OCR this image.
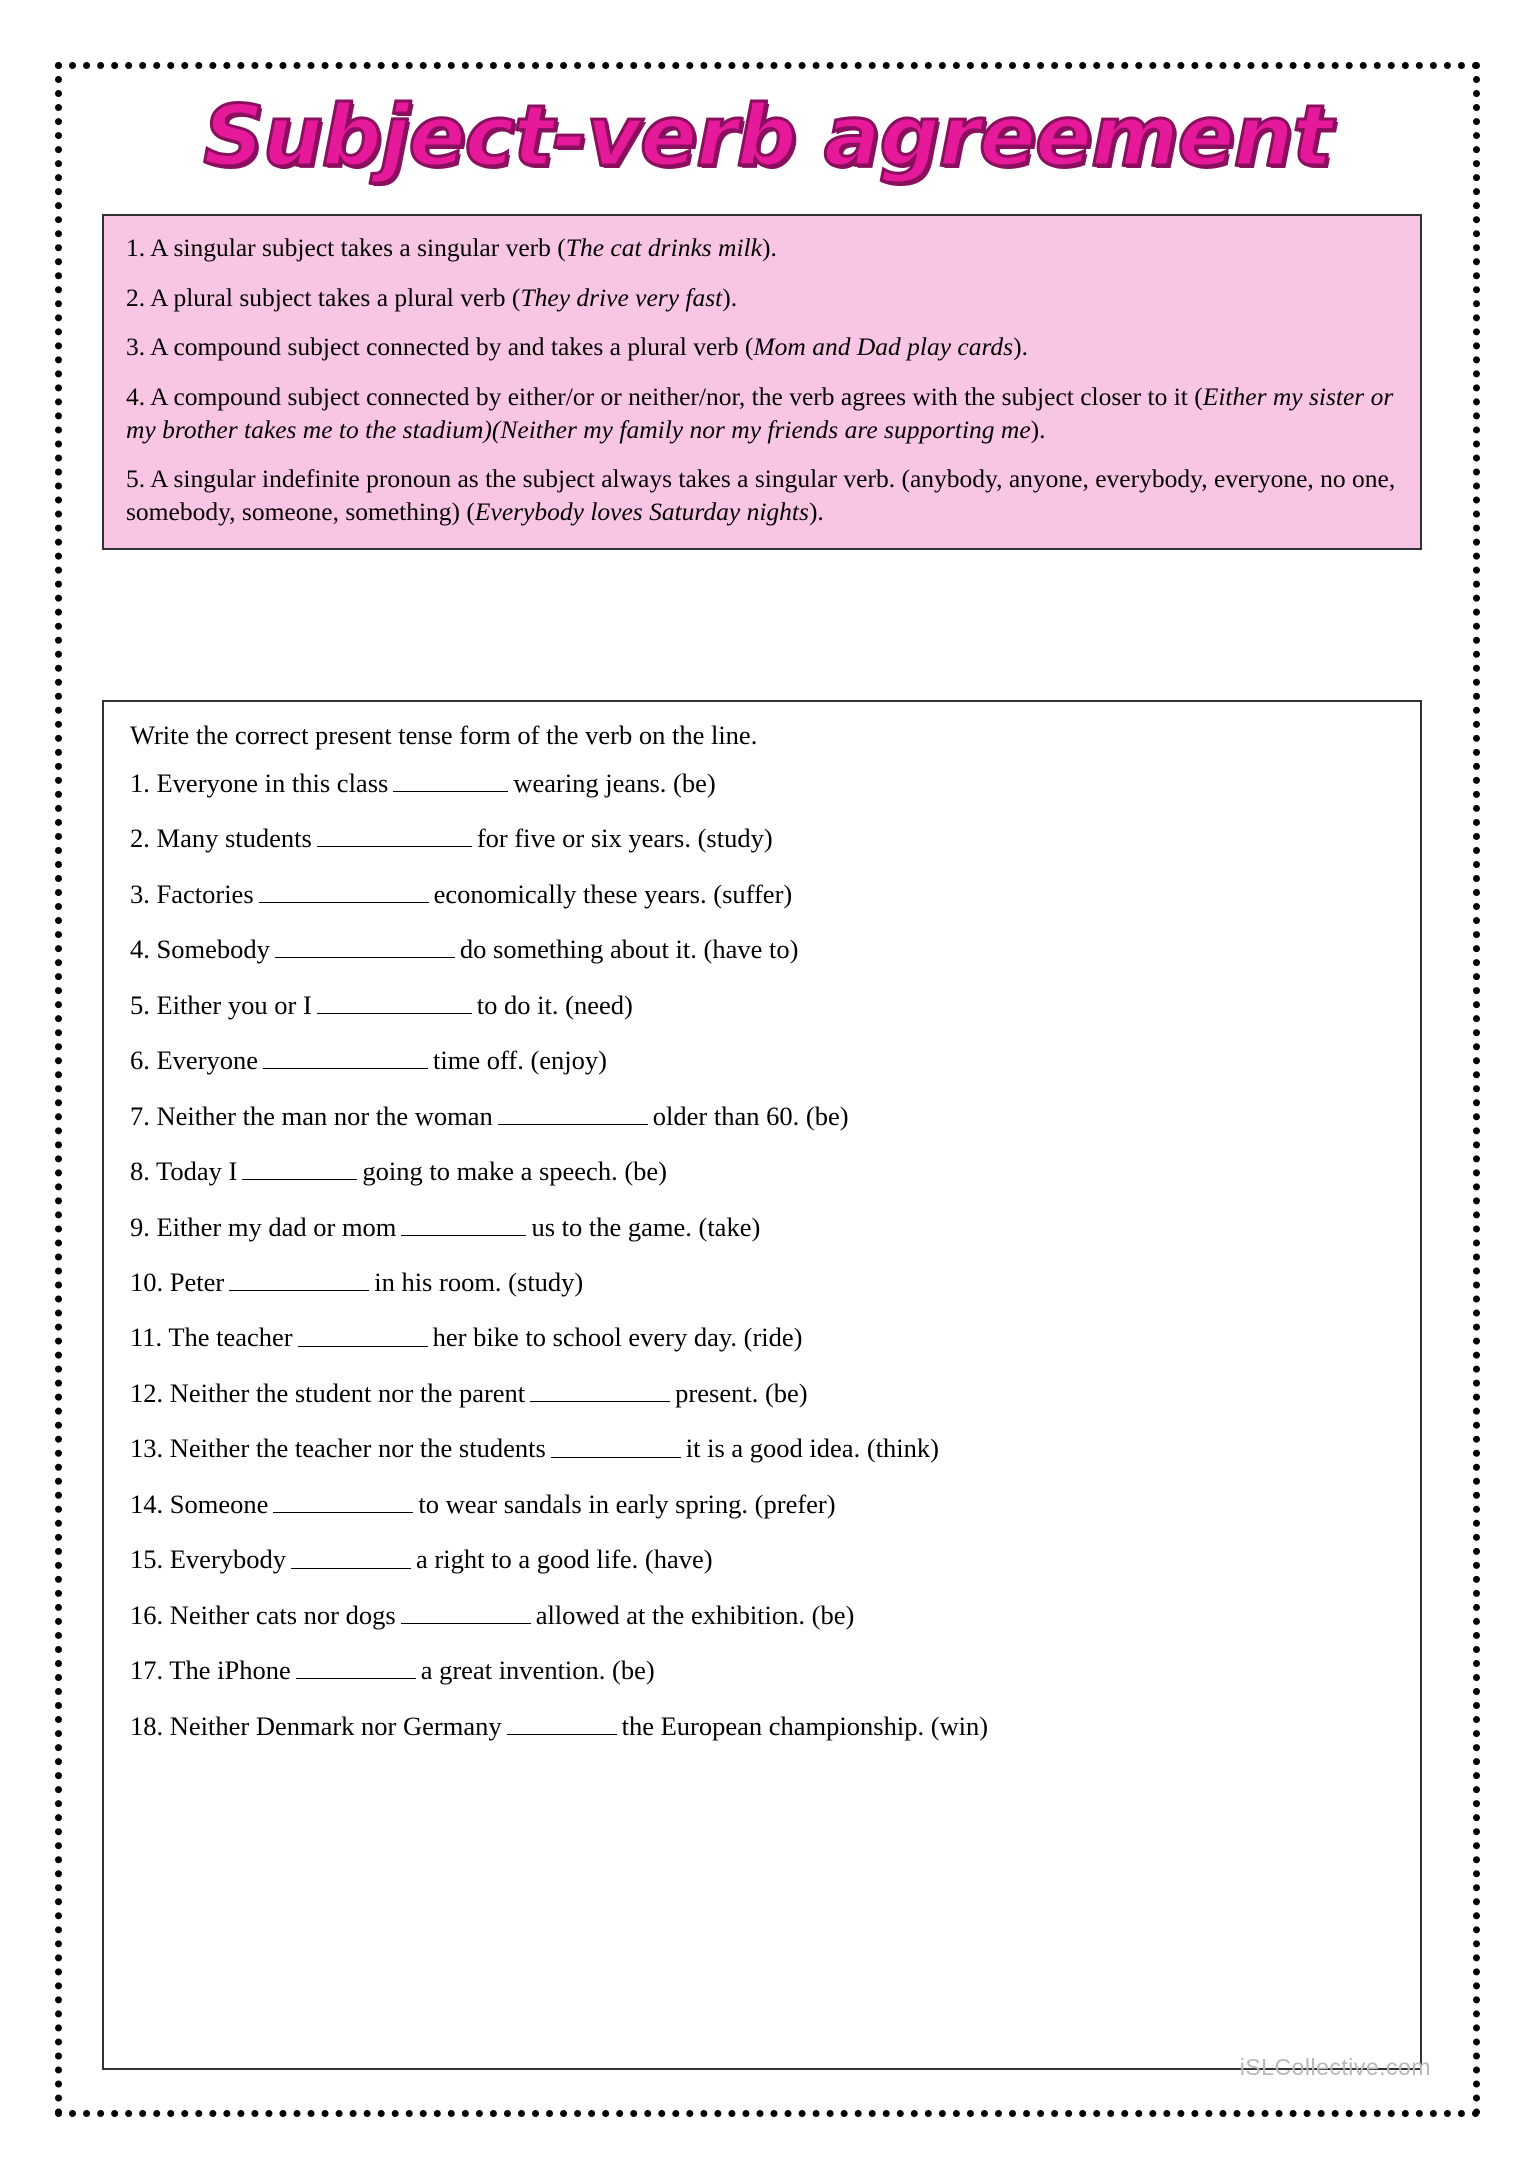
Subject-verb agreement

1. A singular subject takes a singular verb (The cat drinks milk).

2. A plural subject takes a plural verb (They drive very fast).

3. A compound subject connected by and takes a plural verb (Mom and Dad play cards).

4. A compound subject connected by either/or or neither/nor, the verb agrees with the subject closer to it (Either my sister or my brother takes me to the stadium)(Neither my family nor my friends are supporting me).

5. A singular indefinite pronoun as the subject always takes a singular verb. (anybody, anyone, everybody, everyone, no one, somebody, someone, something) (Everybody loves Saturday nights).

Write the correct present tense form of the verb on the line.

1. Everyone in this class	wearing jeans. (be)

2. Many students	for five or six years. (study)

3. Factories	economically these years. (suffer)

4. Somebody	do something about it. (have to)

5. Either you or I	to do it. (need)

6. Everyone	time off. (enjoy)

7. Neither the man nor the woman	older than 60. (be)

8. Today I	going to make a speech. (be)

9. Either my dad or mom	us to the game. (take)

10. Peter	in his room. (study)

11. The teacher	her bike to school every day. (ride)

12. Neither the student nor the parent	present. (be)

13. Neither the teacher nor the students	it is a good idea. (think)

14. Someone	to wear sandals in early spring. (prefer)

15. Everybody	a right to a good life. (have)

16. Neither cats nor dogs	allowed at the exhibition. (be)

17. The iPhone	a great invention. (be)

18. Neither Denmark nor Germany	the European championship. (win)

iSLCollective.com
